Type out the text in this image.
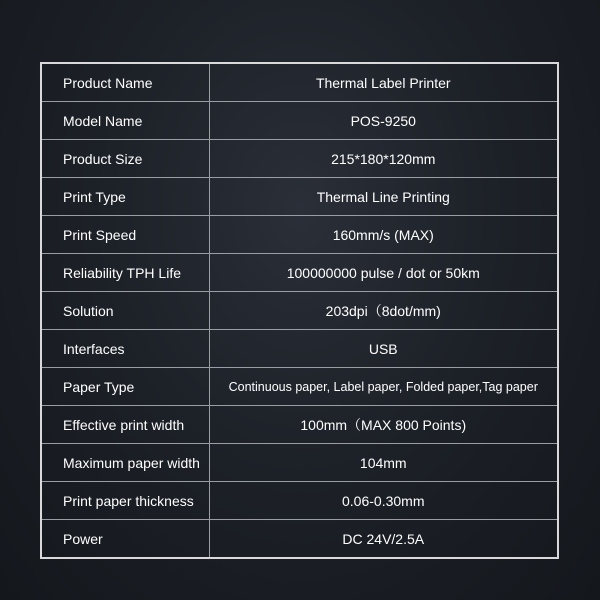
Product Name	Thermal Label Printer
Model Name	POS-9250
Product Size	215*180*120mm
Print Type	Thermal Line Printing
Print Speed	160mm/s (MAX)
Reliability TPH Life	100000000 pulse / dot or 50km
Solution	203dpi（8dot/mm)
Interfaces	USB
Paper Type	Continuous paper, Label paper, Folded paper,Tag paper
Effective print width	100mm（MAX 800 Points)
Maximum paper width	104mm
Print paper thickness	0.06-0.30mm
Power	DC 24V/2.5A
